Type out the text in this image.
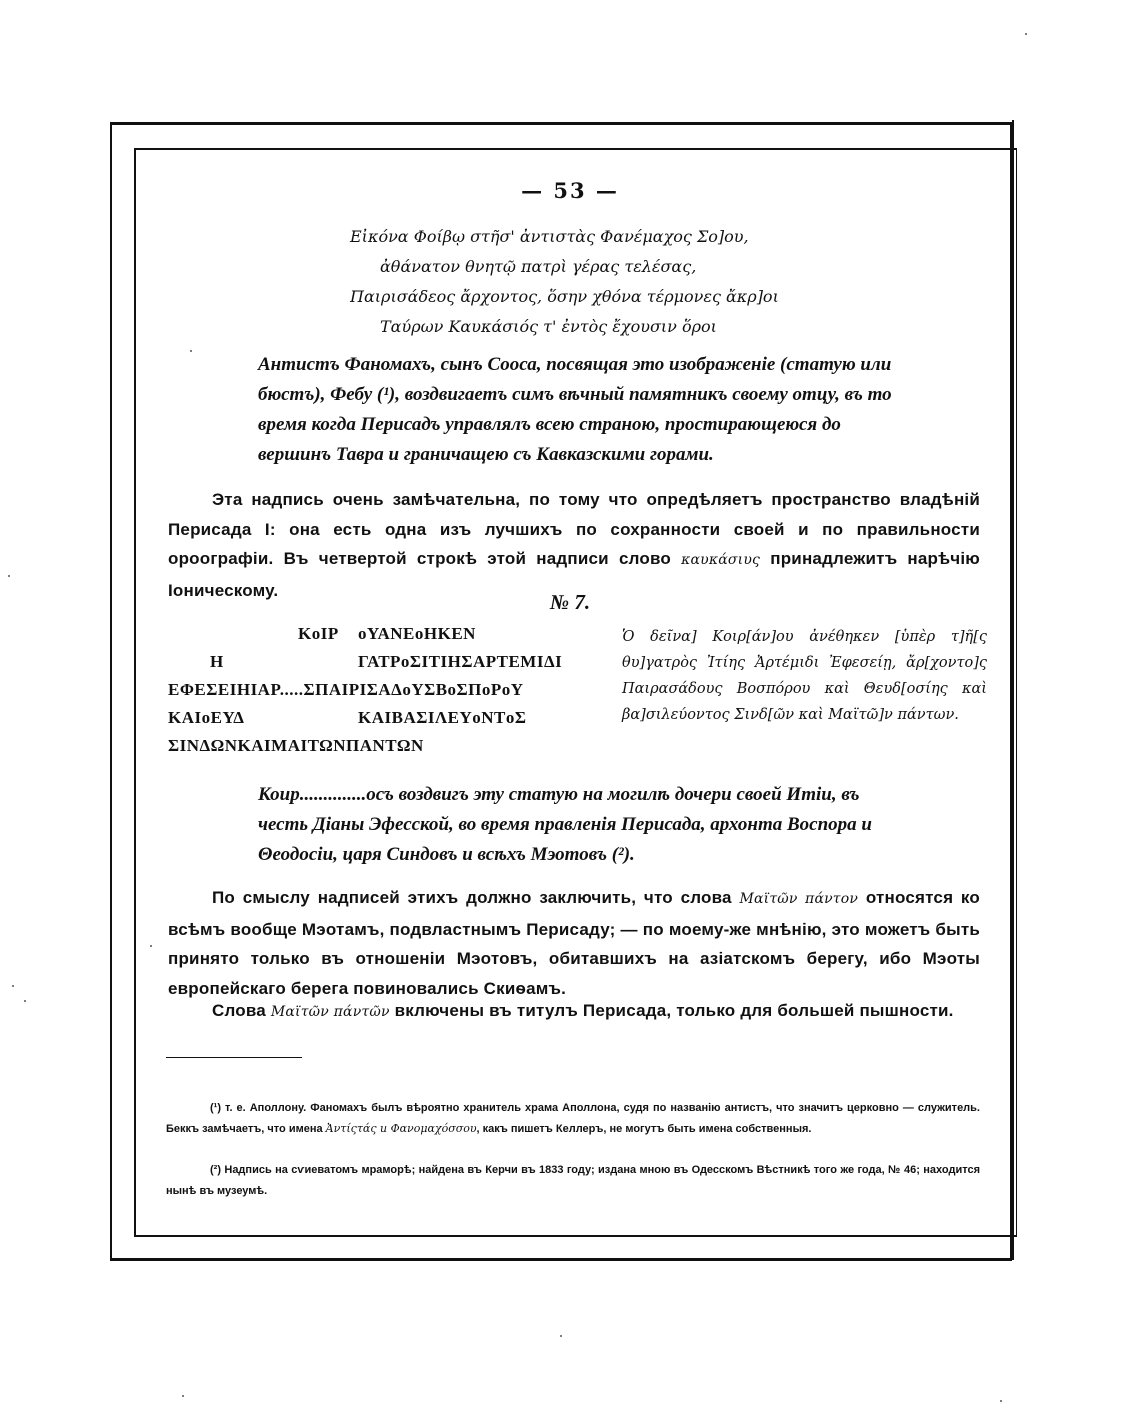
— 53 —
Εἰκόνα Φοίβῳ στῆσ' ἀντιστὰς Φανέμαχος Σο]ου,
ἀθάνατον θνητῷ πατρὶ γέρας τελέσας,
Παιρισάδεος ἄρχοντος, ὅσην χθόνα τέρμονες ἄκρ]οι
Ταύρων Καυκάσιός τ' ἐντὸς ἔχουσιν ὅροι
Антистъ Фаномахъ, сынъ Сооса, посвящая это изображеніе (статую или бюстъ), Фебу (¹), воздвигаетъ симъ вѣчный памятникъ своему отцу, въ то время когда Перисадъ управлялъ всею страною, простирающеюся до вершинъ Тавра и граничащею съ Кавказскими горами.
Эта надпись очень замѣчательна, по тому что опредѣляетъ пространство владѣній Перисада I: она есть одна изъ лучшихъ по сохранности своей и по правильности ороографіи. Въ четвертой строкѣ этой надписи слово καυκάσιυς принадлежитъ нарѣчію Іоническому.	№ 7.
ΚoΙΡ oΥΑΝΕoΗΚΕΝ
Η	ΓΑΤΡoΣΙΤΙΗΣΑΡΤΕΜΙΔΙ
ΕΦΕΣΕΙΗΙΑΡ.....ΣΠΑΙΡΙΣΑΔoΥΣΒoΣΠoΡoΥ
ΚΑΙoΕΥΔ	ΚΑΙΒΑΣΙΛΕΥoΝΤoΣ
ΣΙΝΔΩΝΚΑΙΜΑΙΤΩΝΠΑΝΤΩΝ
Ὁ δεῖνα] Κοιρ[άν]ου ἀνέθηκεν [ὑπὲρ τ]ῆ[ς θυ]γατρὸς Ἰτίης Ἀρτέμιδι Ἐφεσείῃ, ἄρ[χοντο]ς Παιρασάδους Βοσπόρου καὶ Θευδ[οσίης καὶ βα]σιλεύοντος Σινδ[ῶν καὶ Μαϊτῶ]ν πάντων.
Коир..............осъ воздвигъ эту статую на могилѣ дочери своей Итіи, въ честь Діаны Эфесской, во время правленія Перисада, архонта Воспора и Θеодосіи, царя Синдовъ и всѣхъ Мэотовъ (²).
По смыслу надписей этихъ должно заключить, что слова Μαϊτῶν πάντον относятся ко всѣмъ вообще Мэотамъ, подвластнымъ Перисаду; — по моему-же мнѣнію, это можетъ быть принято только въ отношеніи Мэотовъ, обитавшихъ на азіатскомъ берегу, ибо Мэоты европейскаго берега повиновались Скиѳамъ.
Слова Μαϊτῶν πάντῶν включены въ титулъ Перисада, только для большей пышности.
(¹) т. е. Аполлону. Фаномахъ былъ вѣроятно хранитель храма Аполлона, судя по названію антистъ, что значитъ церковно — служитель. Беккъ замѣчаетъ, что имена Ἀντίςτάς и Φανομαχόσσου, какъ пишетъ Келлеръ, не могутъ быть имена собственныя.
(²) Надпись на сѵиеватомъ мраморѣ; найдена въ Керчи въ 1833 году; издана мною въ Одесскомъ Вѣстникѣ того же года, № 46; находится нынѣ въ музеумѣ.
